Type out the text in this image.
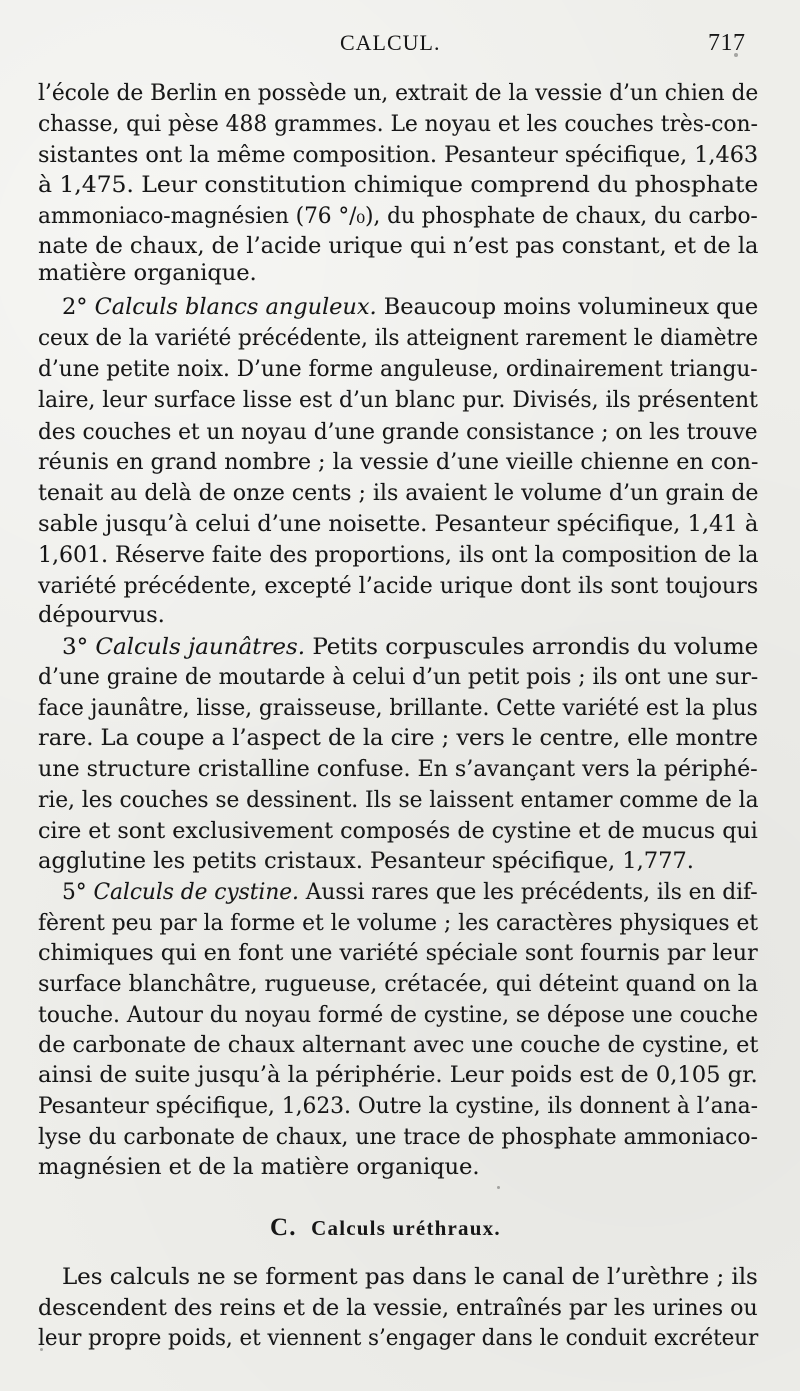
CALCUL.	717
l’école de Berlin en possède un, extrait de la vessie d’un chien de
chasse, qui pèse 488 grammes. Le noyau et les couches très-con-
sistantes ont la même composition. Pesanteur spécifique, 1,463
à 1,475. Leur constitution chimique comprend du phosphate
ammoniaco-magnésien (76 °/₀), du phosphate de chaux, du carbo-
nate de chaux, de l’acide urique qui n’est pas constant, et de la
matière organique.
2° Calculs blancs anguleux. Beaucoup moins volumineux que
ceux de la variété précédente, ils atteignent rarement le diamètre
d’une petite noix. D’une forme anguleuse, ordinairement triangu-
laire, leur surface lisse est d’un blanc pur. Divisés, ils présentent
des couches et un noyau d’une grande consistance ; on les trouve
réunis en grand nombre ; la vessie d’une vieille chienne en con-
tenait au delà de onze cents ; ils avaient le volume d’un grain de
sable jusqu’à celui d’une noisette. Pesanteur spécifique, 1,41 à
1,601. Réserve faite des proportions, ils ont la composition de la
variété précédente, excepté l’acide urique dont ils sont toujours
dépourvus.
3° Calculs jaunâtres. Petits corpuscules arrondis du volume
d’une graine de moutarde à celui d’un petit pois ; ils ont une sur-
face jaunâtre, lisse, graisseuse, brillante. Cette variété est la plus
rare. La coupe a l’aspect de la cire ; vers le centre, elle montre
une structure cristalline confuse. En s’avançant vers la périphé-
rie, les couches se dessinent. Ils se laissent entamer comme de la
cire et sont exclusivement composés de cystine et de mucus qui
agglutine les petits cristaux. Pesanteur spécifique, 1,777.
5° Calculs de cystine. Aussi rares que les précédents, ils en dif-
fèrent peu par la forme et le volume ; les caractères physiques et
chimiques qui en font une variété spéciale sont fournis par leur
surface blanchâtre, rugueuse, crétacée, qui déteint quand on la
touche. Autour du noyau formé de cystine, se dépose une couche
de carbonate de chaux alternant avec une couche de cystine, et
ainsi de suite jusqu’à la périphérie. Leur poids est de 0,105 gr.
Pesanteur spécifique, 1,623. Outre la cystine, ils donnent à l’ana-
lyse du carbonate de chaux, une trace de phosphate ammoniaco-
magnésien et de la matière organique.
Les calculs ne se forment pas dans le canal de l’urèthre ; ils
descendent des reins et de la vessie, entraînés par les urines ou
leur propre poids, et viennent s’engager dans le conduit excréteur
C. Calculs uréthraux.
